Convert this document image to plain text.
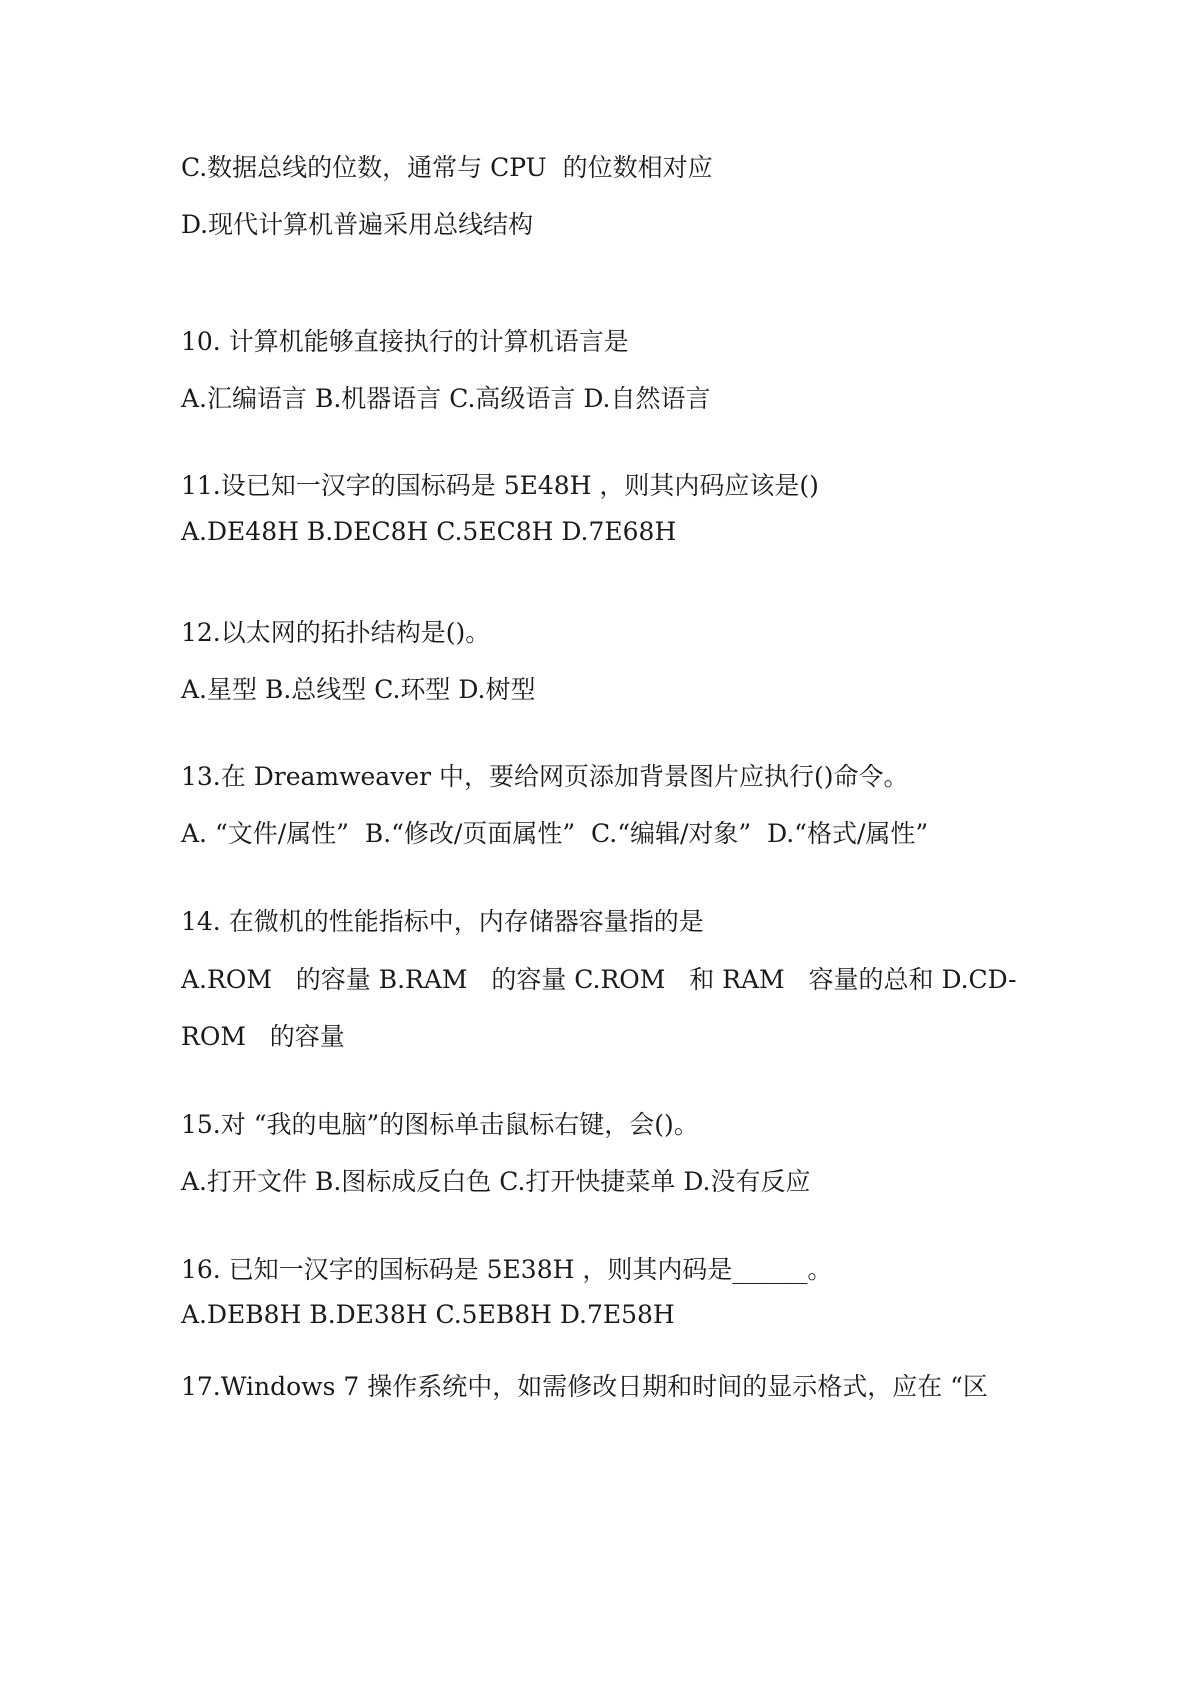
C.数据总线的位数，通常与 CPU  的位数相对应
D.现代计算机普遍采用总线结构
10. 计算机能够直接执行的计算机语言是
A.汇编语言 B.机器语言 C.高级语言 D.自然语言
11.设已知一汉字的国标码是 5E48H ，则其内码应该是()
A.DE48H B.DEC8H C.5EC8H D.7E68H
12.以太网的拓扑结构是()。
A.星型 B.总线型 C.环型 D.树型
13.在 Dreamweaver 中，要给网页添加背景图片应执行()命令。
A. “文件/属性”  B.“修改/页面属性”  C.“编辑/对象”  D.“格式/属性”
14. 在微机的性能指标中，内存储器容量指的是
A.ROM   的容量 B.RAM   的容量 C.ROM   和 RAM   容量的总和 D.CD-
ROM   的容量
15.对 “我的电脑”的图标单击鼠标右键，会()。
A.打开文件 B.图标成反白色 C.打开快捷菜单 D.没有反应
16. 已知一汉字的国标码是 5E38H ，则其内码是______。
A.DEB8H B.DE38H C.5EB8H D.7E58H
17.Windows 7 操作系统中，如需修改日期和时间的显示格式，应在 “区
